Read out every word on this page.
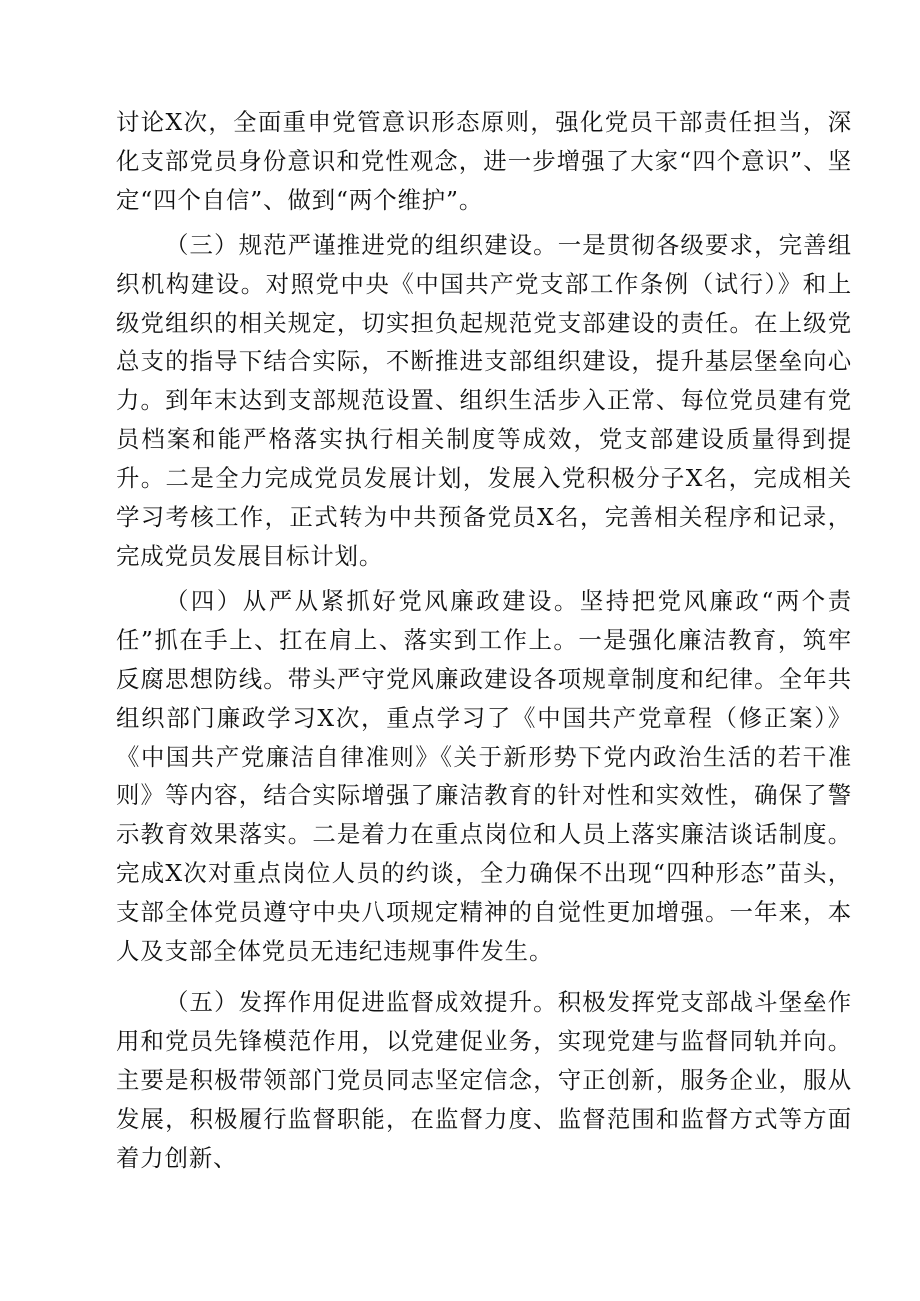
讨论X次，全面重申党管意识形态原则，强化党员干部责任担当，深化支部党员身份意识和党性观念，进一步增强了大家“四个意识”、坚定“四个自信”、做到“两个维护”。

（三）规范严谨推进党的组织建设。一是贯彻各级要求，完善组织机构建设。对照党中央《中国共产党支部工作条例（试行）》和上级党组织的相关规定，切实担负起规范党支部建设的责任。在上级党总支的指导下结合实际，不断推进支部组织建设，提升基层堡垒向心力。到年末达到支部规范设置、组织生活步入正常、每位党员建有党员档案和能严格落实执行相关制度等成效，党支部建设质量得到提升。二是全力完成党员发展计划，发展入党积极分子X名，完成相关学习考核工作，正式转为中共预备党员X名，完善相关程序和记录，完成党员发展目标计划。

（四）从严从紧抓好党风廉政建设。坚持把党风廉政“两个责任”抓在手上、扛在肩上、落实到工作上。一是强化廉洁教育，筑牢反腐思想防线。带头严守党风廉政建设各项规章制度和纪律。全年共组织部门廉政学习X次，重点学习了《中国共产党章程（修正案）》《中国共产党廉洁自律准则》《关于新形势下党内政治生活的若干准则》等内容，结合实际增强了廉洁教育的针对性和实效性，确保了警示教育效果落实。二是着力在重点岗位和人员上落实廉洁谈话制度。完成X次对重点岗位人员的约谈，全力确保不出现“四种形态”苗头，支部全体党员遵守中央八项规定精神的自觉性更加增强。一年来，本人及支部全体党员无违纪违规事件发生。

（五）发挥作用促进监督成效提升。积极发挥党支部战斗堡垒作用和党员先锋模范作用，以党建促业务，实现党建与监督同轨并向。主要是积极带领部门党员同志坚定信念，守正创新，服务企业，服从发展，积极履行监督职能，在监督力度、监督范围和监督方式等方面着力创新、
